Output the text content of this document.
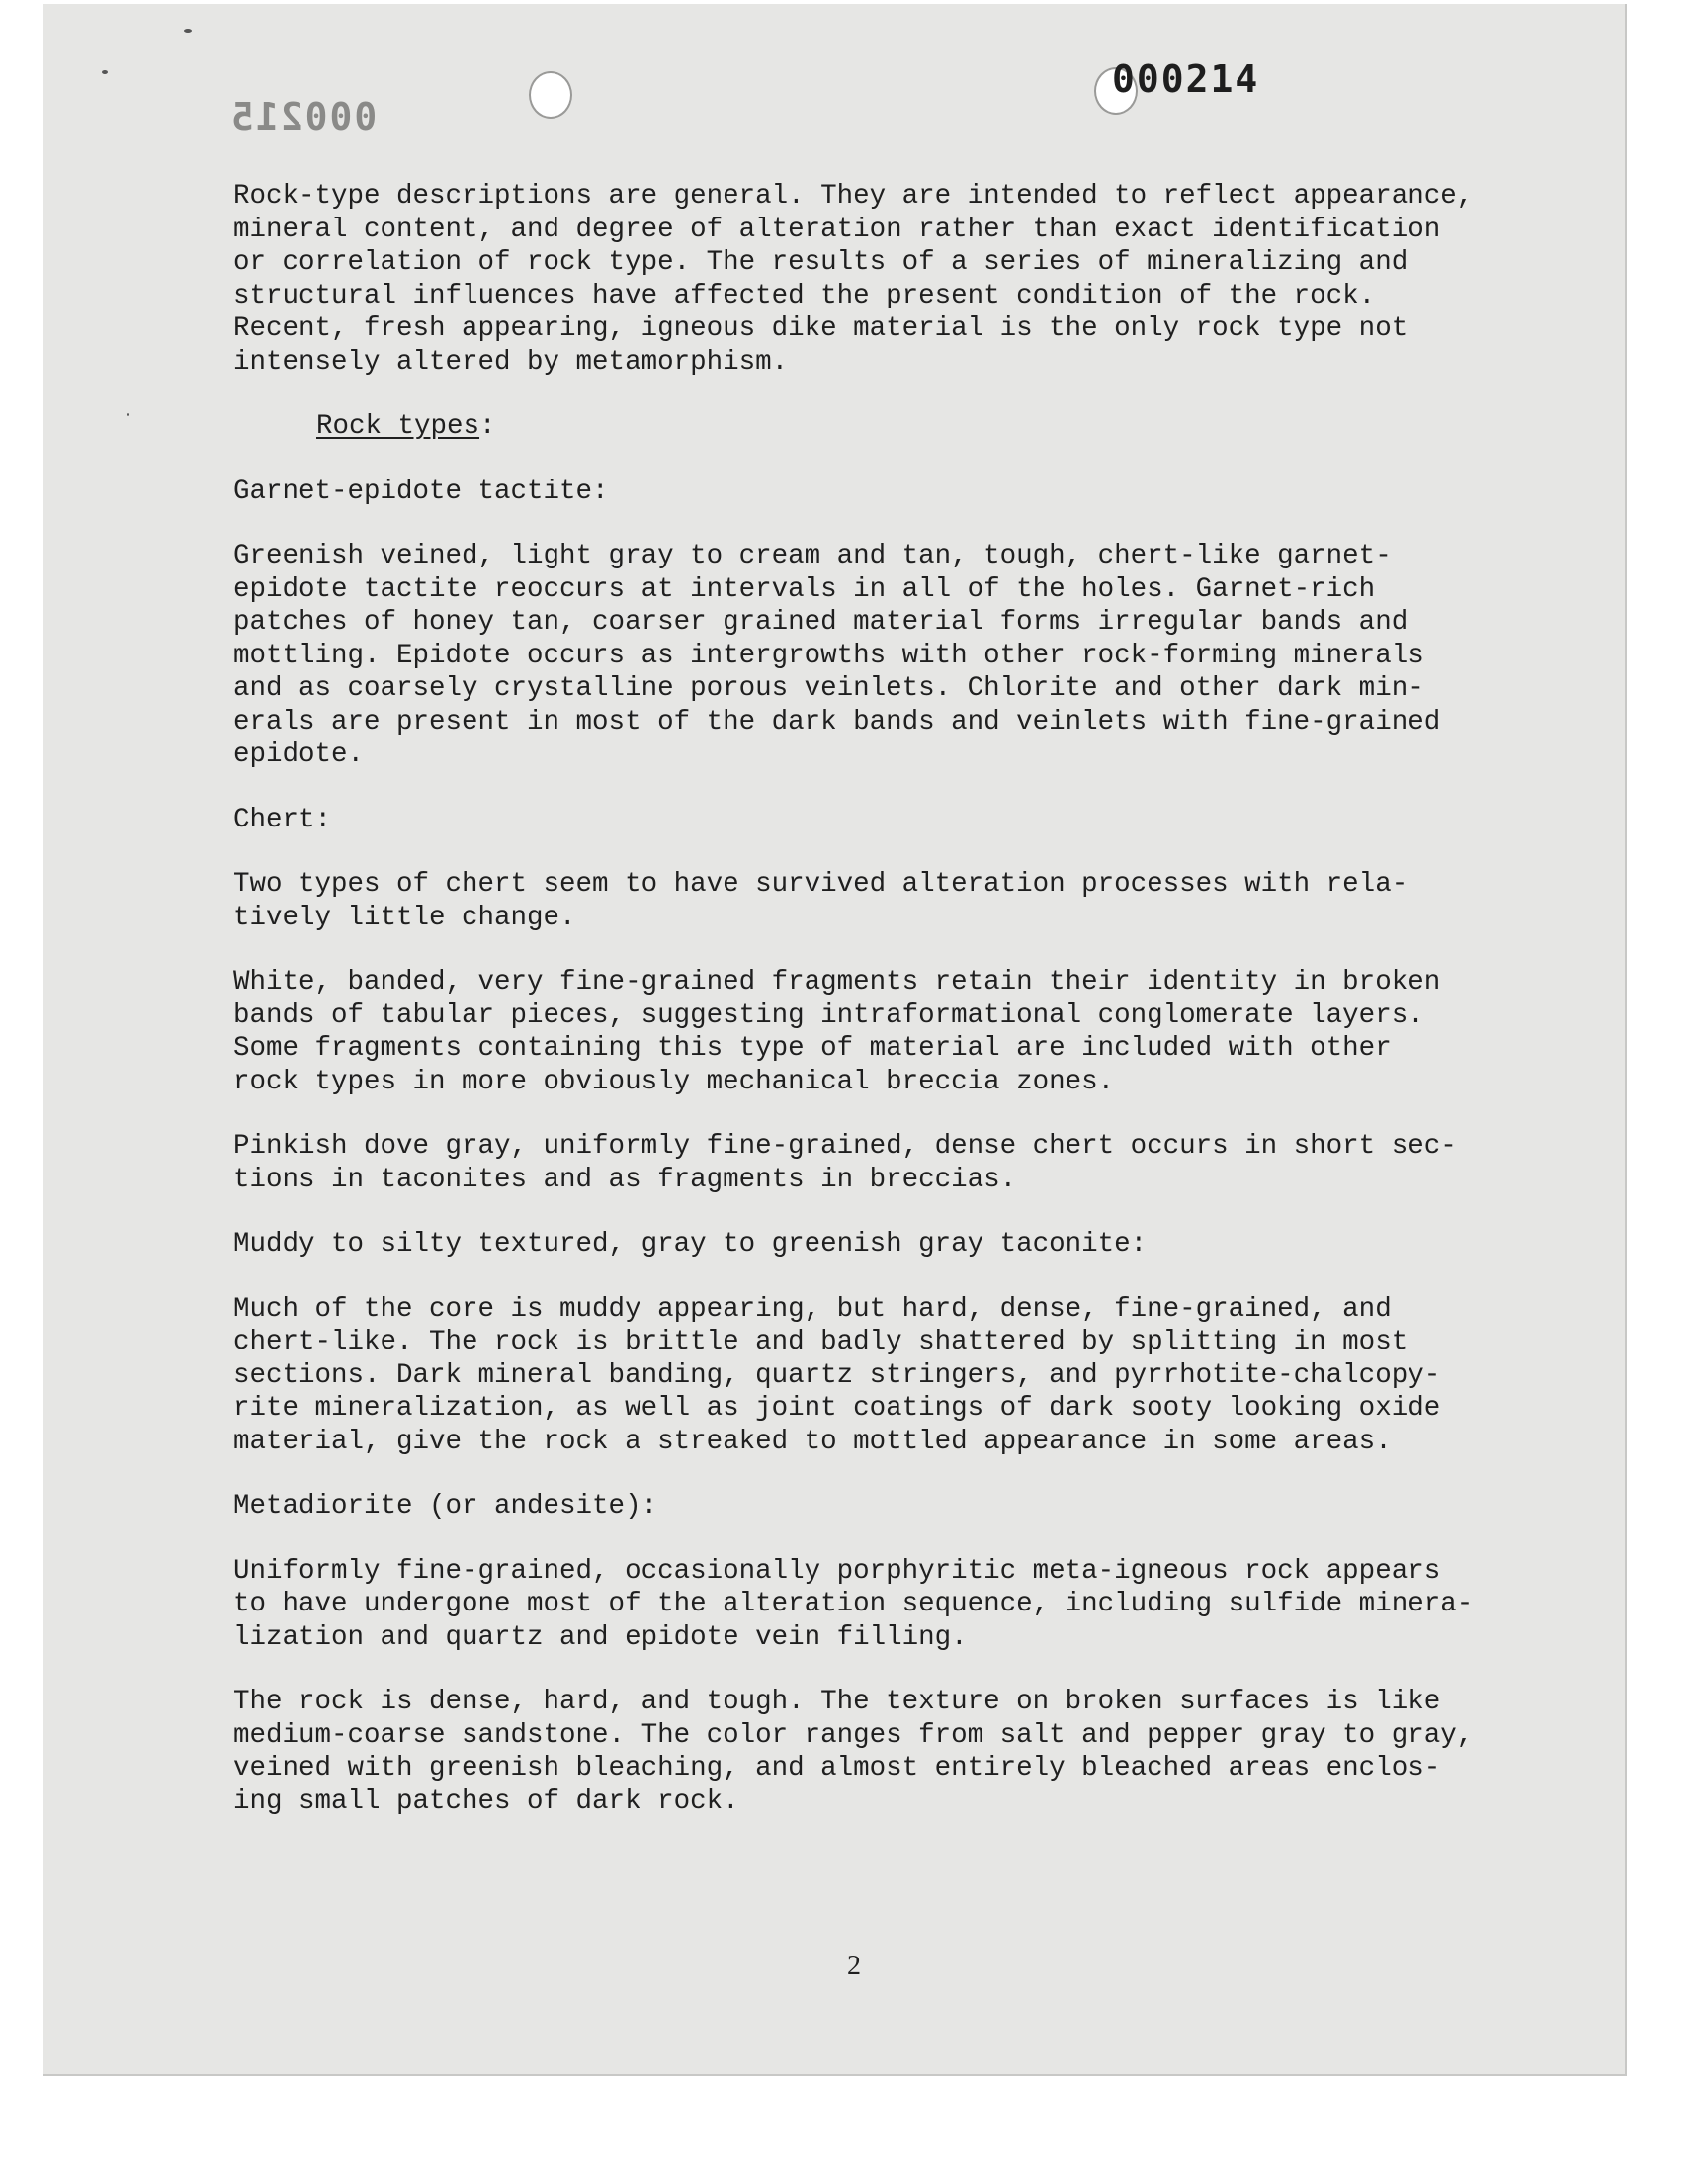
000214
000215

Rock-type descriptions are general. They are intended to reflect appearance,
mineral content, and degree of alteration rather than exact identification
or correlation of rock type. The results of a series of mineralizing and
structural influences have affected the present condition of the rock.
Recent, fresh appearing, igneous dike material is the only rock type not
intensely altered by metamorphism.

Rock types:

Garnet-epidote tactite:

Greenish veined, light gray to cream and tan, tough, chert-like garnet-
epidote tactite reoccurs at intervals in all of the holes. Garnet-rich
patches of honey tan, coarser grained material forms irregular bands and
mottling. Epidote occurs as intergrowths with other rock-forming minerals
and as coarsely crystalline porous veinlets. Chlorite and other dark min-
erals are present in most of the dark bands and veinlets with fine-grained
epidote.

Chert:

Two types of chert seem to have survived alteration processes with rela-
tively little change.

White, banded, very fine-grained fragments retain their identity in broken
bands of tabular pieces, suggesting intraformational conglomerate layers.
Some fragments containing this type of material are included with other
rock types in more obviously mechanical breccia zones.

Pinkish dove gray, uniformly fine-grained, dense chert occurs in short sec-
tions in taconites and as fragments in breccias.

Muddy to silty textured, gray to greenish gray taconite:

Much of the core is muddy appearing, but hard, dense, fine-grained, and
chert-like. The rock is brittle and badly shattered by splitting in most
sections. Dark mineral banding, quartz stringers, and pyrrhotite-chalcopy-
rite mineralization, as well as joint coatings of dark sooty looking oxide
material, give the rock a streaked to mottled appearance in some areas.

Metadiorite (or andesite):

Uniformly fine-grained, occasionally porphyritic meta-igneous rock appears
to have undergone most of the alteration sequence, including sulfide minera-
lization and quartz and epidote vein filling.

The rock is dense, hard, and tough. The texture on broken surfaces is like
medium-coarse sandstone. The color ranges from salt and pepper gray to gray,
veined with greenish bleaching, and almost entirely bleached areas enclos-
ing small patches of dark rock.

2
